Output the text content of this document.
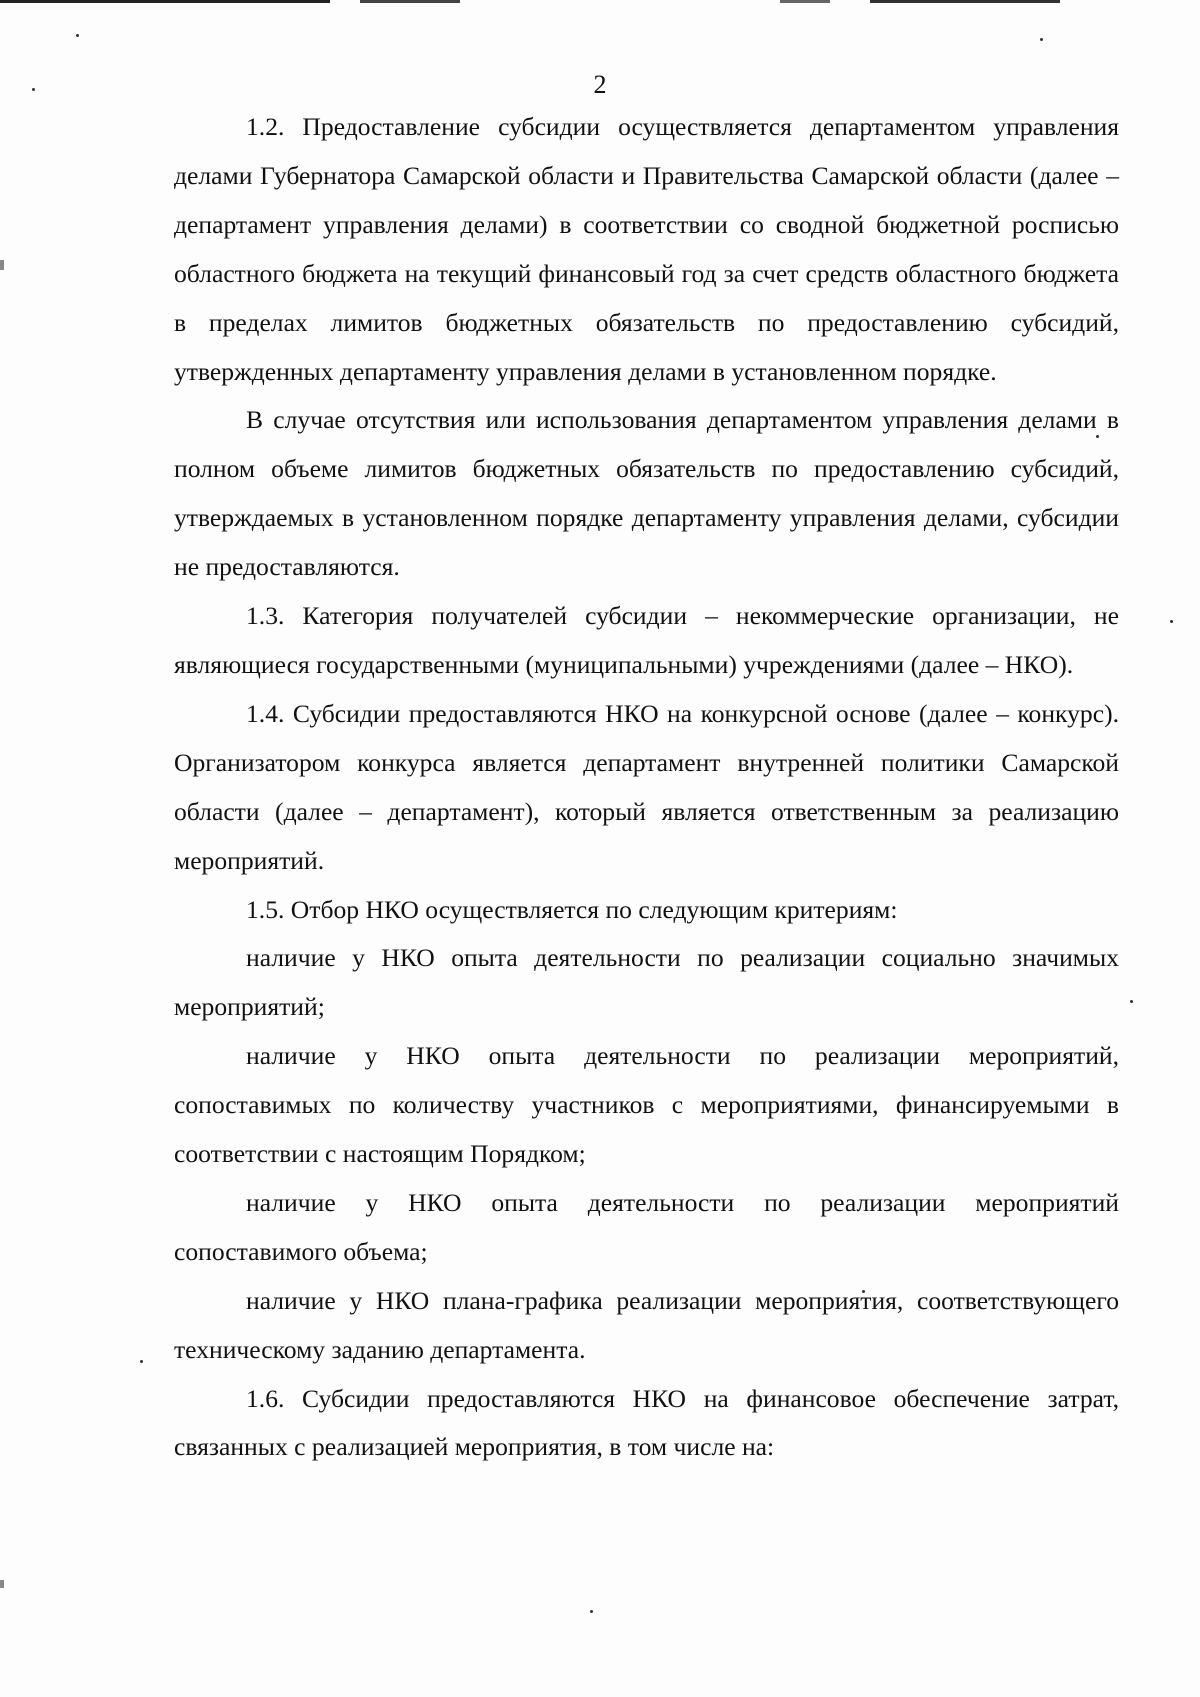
2

1.2. Предоставление субсидии осуществляется департаментом управления делами Губернатора Самарской области и Правительства Самарской области (далее – департамент управления делами) в соответствии со сводной бюджетной росписью областного бюджета на текущий финансовый год за счет средств областного бюджета в пределах лимитов бюджетных обязательств по предоставлению субсидий, утвержденных департаменту управления делами в установленном порядке.

В случае отсутствия или использования департаментом управления делами в полном объеме лимитов бюджетных обязательств по предоставлению субсидий, утверждаемых в установленном порядке департаменту управления делами, субсидии не предоставляются.

1.3. Категория получателей субсидии – некоммерческие организации, не являющиеся государственными (муниципальными) учреждениями (далее – НКО).

1.4. Субсидии предоставляются НКО на конкурсной основе (далее – конкурс). Организатором конкурса является департамент внутренней политики Самарской области (далее – департамент), который является ответственным за реализацию мероприятий.

1.5. Отбор НКО осуществляется по следующим критериям:

наличие у НКО опыта деятельности по реализации социально значимых мероприятий;

наличие у НКО опыта деятельности по реализации мероприятий, сопоставимых по количеству участников с мероприятиями, финансируемыми в соответствии с настоящим Порядком;

наличие у НКО опыта деятельности по реализации мероприятий сопоставимого объема;

наличие у НКО плана-графика реализации мероприятия, соответствующего техническому заданию департамента.

1.6. Субсидии предоставляются НКО на финансовое обеспечение затрат, связанных с реализацией мероприятия, в том числе на:
